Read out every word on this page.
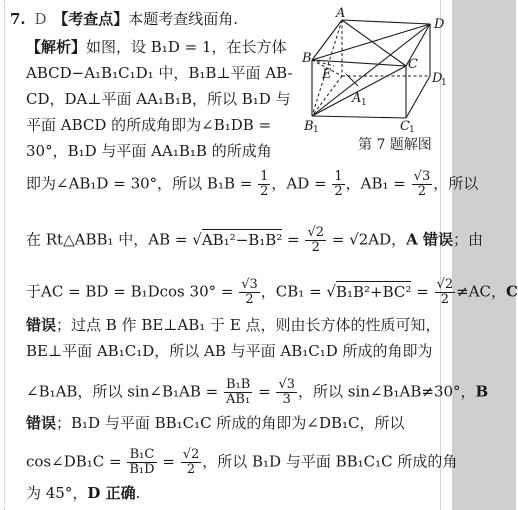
A
D
B
E
C
A 1
D
1
B 1	C 1
第 7 题解图
7. D 【考查点】本题考查线面角.
【解析】如图，设 B₁D = 1，在长方体
ABCD−A₁B₁C₁D₁ 中，B₁B⊥平面 AB-
CD，DA⊥平面 AA₁B₁B，所以 B₁D 与
平面 ABCD 的所成角即为∠B₁DB =
30°，B₁D 与平面 AA₁B₁B 的所成角
即为∠AB₁D = 30°，所以 $B_1B = \frac{1}{2}$ ，AD = $\frac{1}{2}$ ，$AB_1 = \frac{√3}{2}$ ，所以
在 Rt△ABB₁ 中，AB = $√AB_1^2-B_1B^2 = \frac{√2}{2} = √2AD$，A 错误；由
于AC = BD = B₁Dcos $30^\circ = \frac{√3}{2}$ ，$CB_1 = √B_1B^2+BC^2 = \frac{√2}{2} \ne AC$，C
错误；过点 B 作 BE⊥AB₁ 于 E 点，则由长方体的性质可知，
BE⊥平面 AB₁C₁D，所以 AB 与平面 AB₁C₁D 所成的角即为
∠B₁AB，所以 sin∠B₁AB = $\frac{\text{B₁B}}{\text{AB₁}} = \frac{√3}{3}$ ，所以 sin∠B₁AB≠30°，B
错误；B₁D 与平面 BB₁C₁C 所成的角即为∠DB₁C，所以
cos∠DB₁C = $\frac{\text{B₁C}}{\text{B₁D}} = \frac{√2}{2}$ ，所以 B₁D 与平面 BB₁C₁C 所成的角
为 45°，D 正确.
